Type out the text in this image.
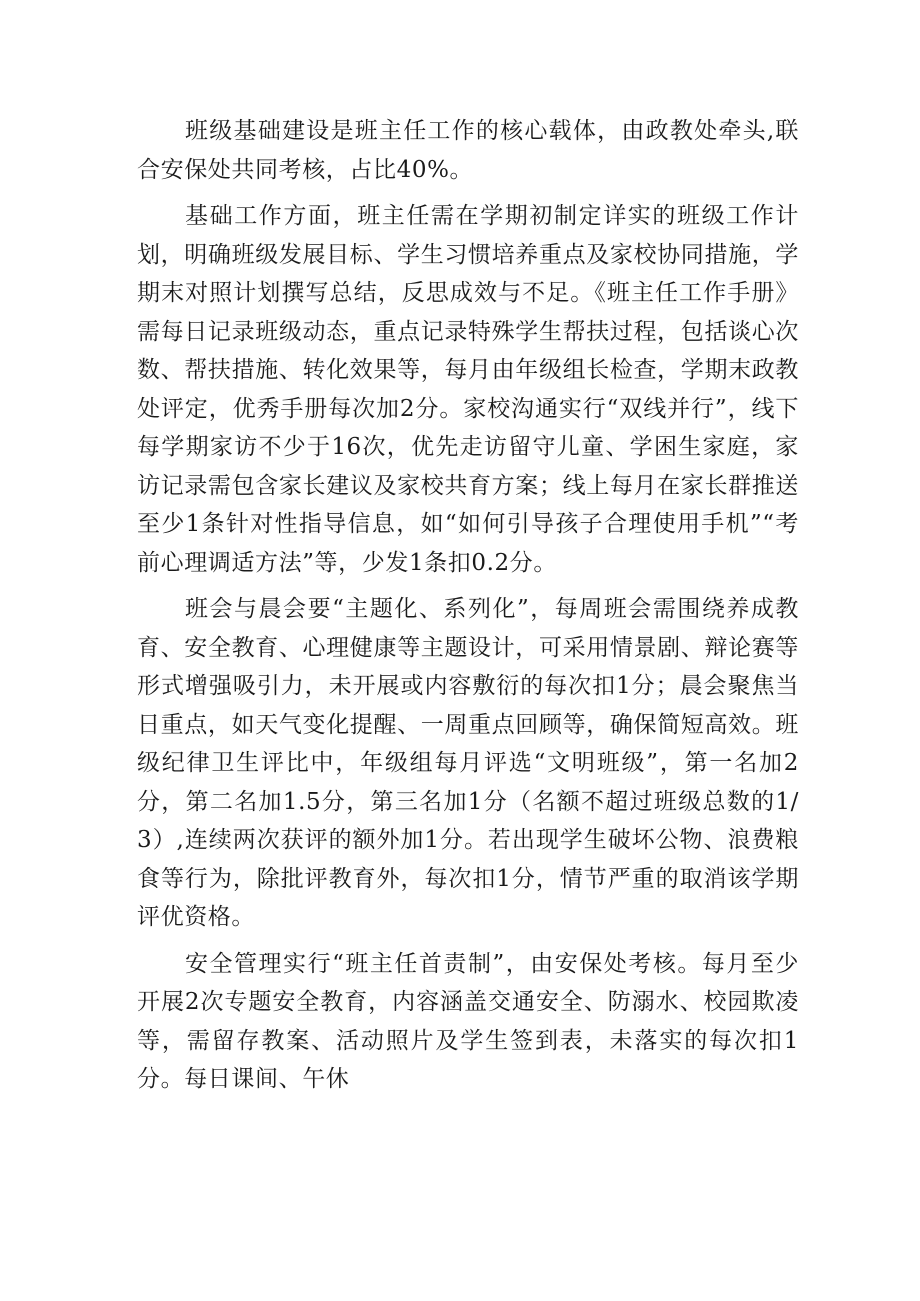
班级基础建设是班主任工作的核心载体，由政教处牵头,联合安保处共同考核，占比40%。

基础工作方面，班主任需在学期初制定详实的班级工作计划，明确班级发展目标、学生习惯培养重点及家校协同措施，学期末对照计划撰写总结，反思成效与不足。《班主任工作手册》需每日记录班级动态，重点记录特殊学生帮扶过程，包括谈心次数、帮扶措施、转化效果等，每月由年级组长检查，学期末政教处评定，优秀手册每次加2分。家校沟通实行“双线并行”，线下每学期家访不少于16次，优先走访留守儿童、学困生家庭，家访记录需包含家长建议及家校共育方案；线上每月在家长群推送至少1条针对性指导信息，如“如何引导孩子合理使用手机”“考前心理调适方法”等，少发1条扣0.2分。

班会与晨会要“主题化、系列化”，每周班会需围绕养成教育、安全教育、心理健康等主题设计，可采用情景剧、辩论赛等形式增强吸引力，未开展或内容敷衍的每次扣1分；晨会聚焦当日重点，如天气变化提醒、一周重点回顾等，确保简短高效。班级纪律卫生评比中，年级组每月评选“文明班级”，第一名加2分，第二名加1.5分，第三名加1分（名额不超过班级总数的1/3）,连续两次获评的额外加1分。若出现学生破坏公物、浪费粮食等行为，除批评教育外，每次扣1分，情节严重的取消该学期评优资格。

安全管理实行“班主任首责制”，由安保处考核。每月至少开展2次专题安全教育，内容涵盖交通安全、防溺水、校园欺凌等，需留存教案、活动照片及学生签到表，未落实的每次扣1分。每日课间、午休
